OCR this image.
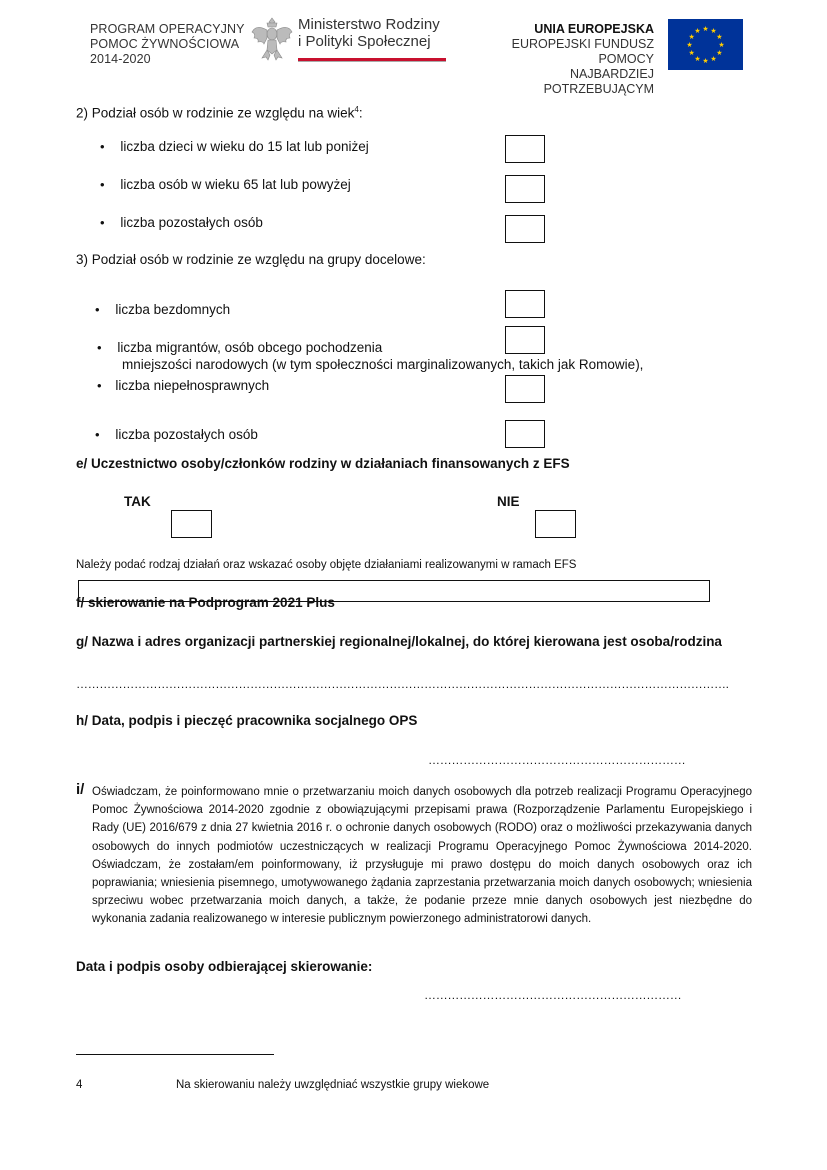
PROGRAM OPERACYJNY
POMOC ŻYWNOŚCIOWA
2014-2020
Ministerstwo Rodziny
i Polityki Społecznej
UNIA EUROPEJSKA
EUROPEJSKI FUNDUSZ POMOCY
NAJBARDZIEJ POTRZEBUJĄCYM
★ ★
★
★
★
★
★
★
★
★
★
★
2) Podział osób w rodzinie ze względu na wiek$^4$:
• liczba dzieci w wieku do 15 lat lub poniżej
• liczba osób w wieku 65 lat lub powyżej
• liczba pozostałych osób
3) Podział osób w rodzinie ze względu na grupy docelowe:
• liczba bezdomnych
• liczba migrantów, osób obcego pochodzenia
mniejszości narodowych (w tym społeczności marginalizowanych, takich jak Romowie),
• liczba niepełnosprawnych
• liczba pozostałych osób
e/ Uczestnictwo osoby/członków rodziny w działaniach finansowanych z EFS
TAK	NIE
Należy podać rodzaj działań oraz wskazać osoby objęte działaniami realizowanymi w ramach EFS
f/ skierowanie na Podprogram 2021 Plus
g/ Nazwa i adres organizacji partnerskiej regionalnej/lokalnej, do której kierowana jest osoba/rodzina
…………………………………………………………………………………………………………………………………………………….
h/ Data, podpis i pieczęć pracownika socjalnego OPS
…………………………………………………………
i/ Oświadczam, że poinformowano mnie o przetwarzaniu moich danych osobowych dla potrzeb realizacji Programu Operacyjnego Pomoc Żywnościowa 2014-2020 zgodnie z obowiązującymi przepisami prawa (Rozporządzenie Parlamentu Europejskiego i Rady (UE) 2016/679 z dnia 27 kwietnia 2016 r. o ochronie danych osobowych (RODO) oraz o możliwości przekazywania danych osobowych do innych podmiotów uczestniczących w realizacji Programu Operacyjnego Pomoc Żywnościowa 2014-2020. Oświadczam, że zostałam/em poinformowany, iż przysługuje mi prawo dostępu do moich danych osobowych oraz ich poprawiania; wniesienia pisemnego, umotywowanego żądania zaprzestania przetwarzania moich danych osobowych; wniesienia sprzeciwu wobec przetwarzania moich danych, a także, że podanie przeze mnie danych osobowych jest niezbędne do wykonania zadania realizowanego w interesie publicznym powierzonego administratorowi danych.
Data i podpis osoby odbierającej skierowanie:
…………………………………………………………
4	Na skierowaniu należy uwzględniać wszystkie grupy wiekowe
